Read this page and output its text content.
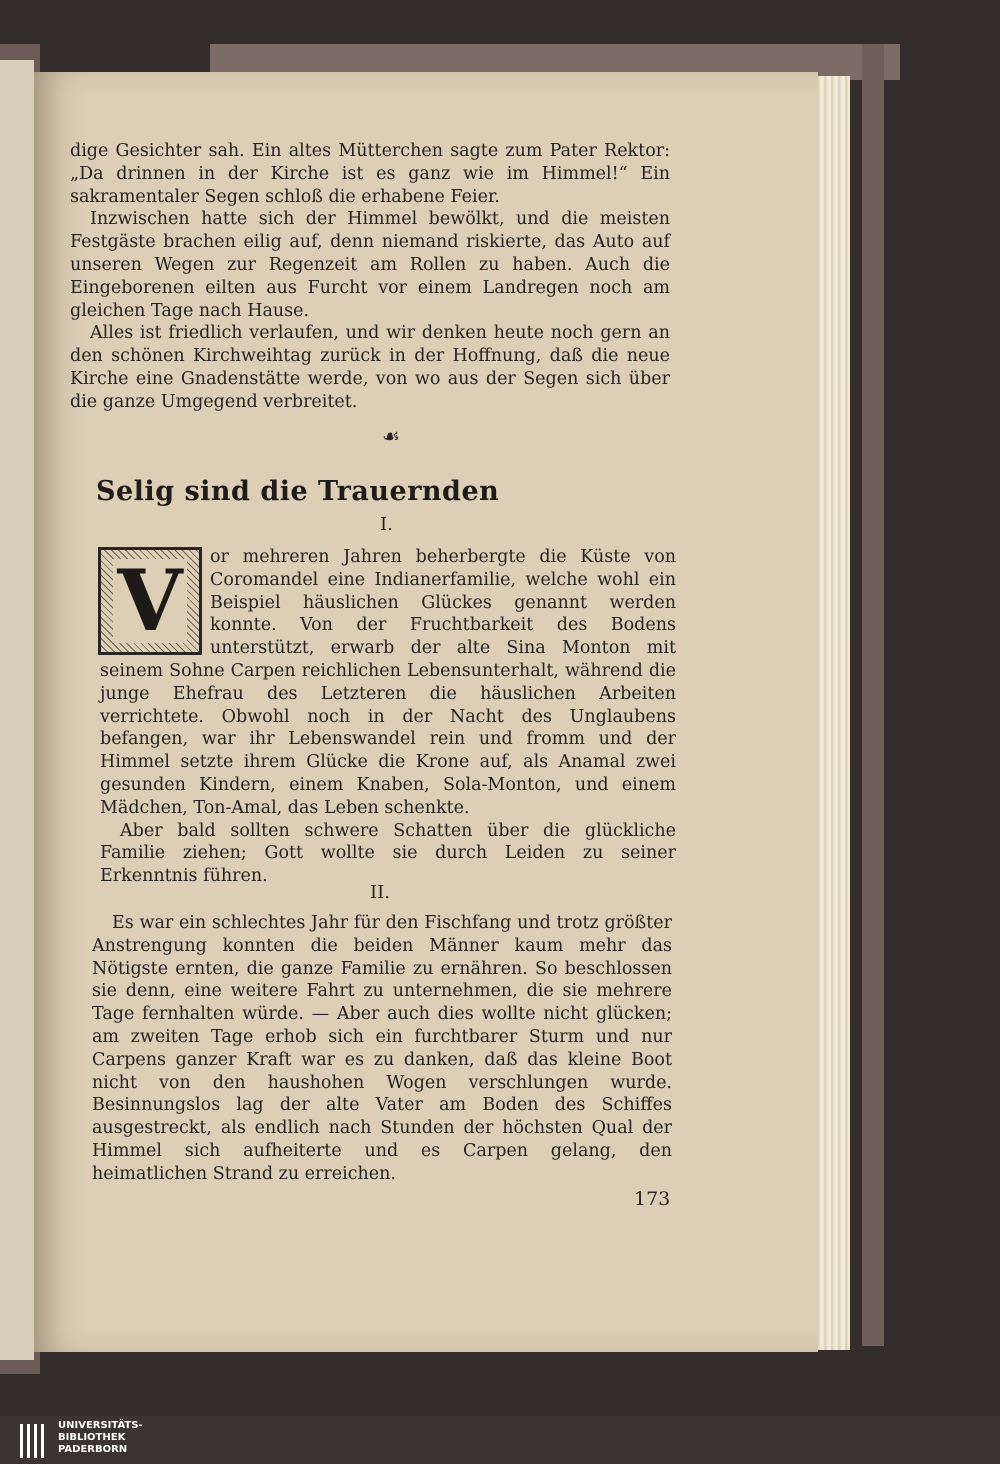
dige Gesichter sah. Ein altes Mütterchen sagte zum Pater Rektor: „Da drinnen in der Kirche ist es ganz wie im Himmel!“ Ein sakramentaler Segen schloß die erhabene Feier.

Inzwischen hatte sich der Himmel bewölkt, und die meisten Festgäste brachen eilig auf, denn niemand riskierte, das Auto auf unseren Wegen zur Regenzeit am Rollen zu haben. Auch die Eingeborenen eilten aus Furcht vor einem Landregen noch am gleichen Tage nach Hause.

Alles ist friedlich verlaufen, und wir denken heute noch gern an den schönen Kirchweihtag zurück in der Hoffnung, daß die neue Kirche eine Gnadenstätte werde, von wo aus der Segen sich über die ganze Umgegend verbreitet.

☙
Selig sind die Trauernden
I.
V	or mehreren Jahren beherbergte die Küste von Coromandel eine Indianerfamilie, welche wohl ein Beispiel häuslichen Glückes genannt werden konnte. Von der Fruchtbarkeit des Bodens unterstützt, erwarb der alte Sina Monton mit seinem Sohne Carpen reichlichen Lebensunterhalt, während die junge Ehefrau des Letzteren die häuslichen Arbeiten verrichtete. Obwohl noch in der Nacht des Unglaubens befangen, war ihr Lebenswandel rein und fromm und der Himmel setzte ihrem Glücke die Krone auf, als Anamal zwei gesunden Kindern, einem Knaben, Sola-Monton, und einem Mädchen, Ton-Amal, das Leben schenkte.

Aber bald sollten schwere Schatten über die glückliche Familie ziehen; Gott wollte sie durch Leiden zu seiner Erkenntnis führen.

II.

Es war ein schlechtes Jahr für den Fischfang und trotz größter Anstrengung konnten die beiden Männer kaum mehr das Nötigste ernten, die ganze Familie zu ernähren. So beschlossen sie denn, eine weitere Fahrt zu unternehmen, die sie mehrere Tage fernhalten würde. — Aber auch dies wollte nicht glücken; am zweiten Tage erhob sich ein furchtbarer Sturm und nur Carpens ganzer Kraft war es zu danken, daß das kleine Boot nicht von den haushohen Wogen verschlungen wurde. Besinnungslos lag der alte Vater am Boden des Schiffes ausgestreckt, als endlich nach Stunden der höchsten Qual der Himmel sich aufheiterte und es Carpen gelang, den heimatlichen Strand zu erreichen.

173
UNIVERSITÄTS-
BIBLIOTHEK
PADERBORN
